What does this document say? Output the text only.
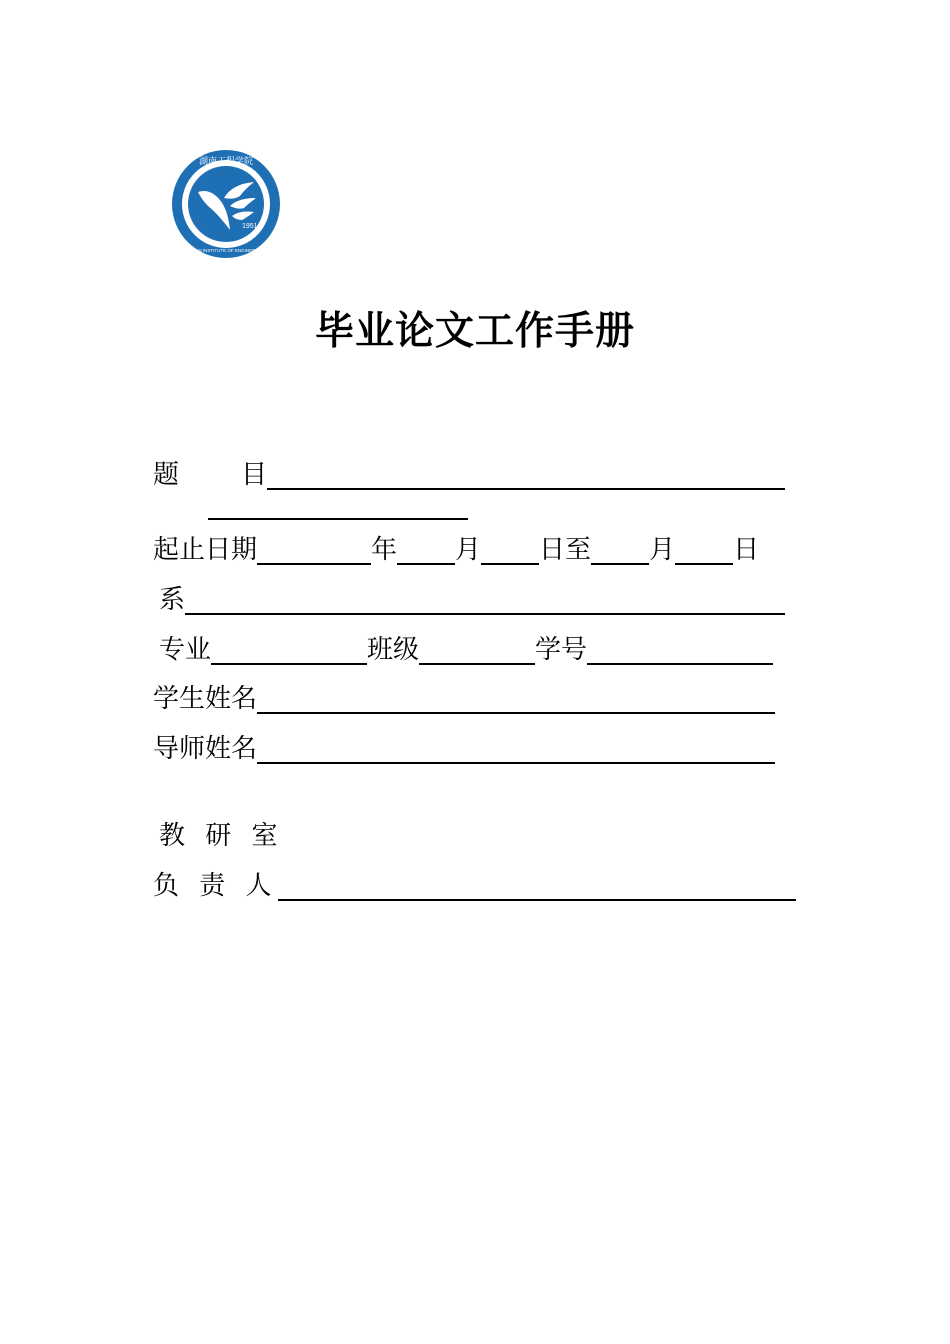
1951
湖南工程学院
HUNAN INSTITUTE OF ENGINEERING
毕业论文工作手册
题 目
起止日期	年 月 日至 月 日
系
专业	班级	学号
学生姓名
导师姓名
教 研 室
负 责 人
